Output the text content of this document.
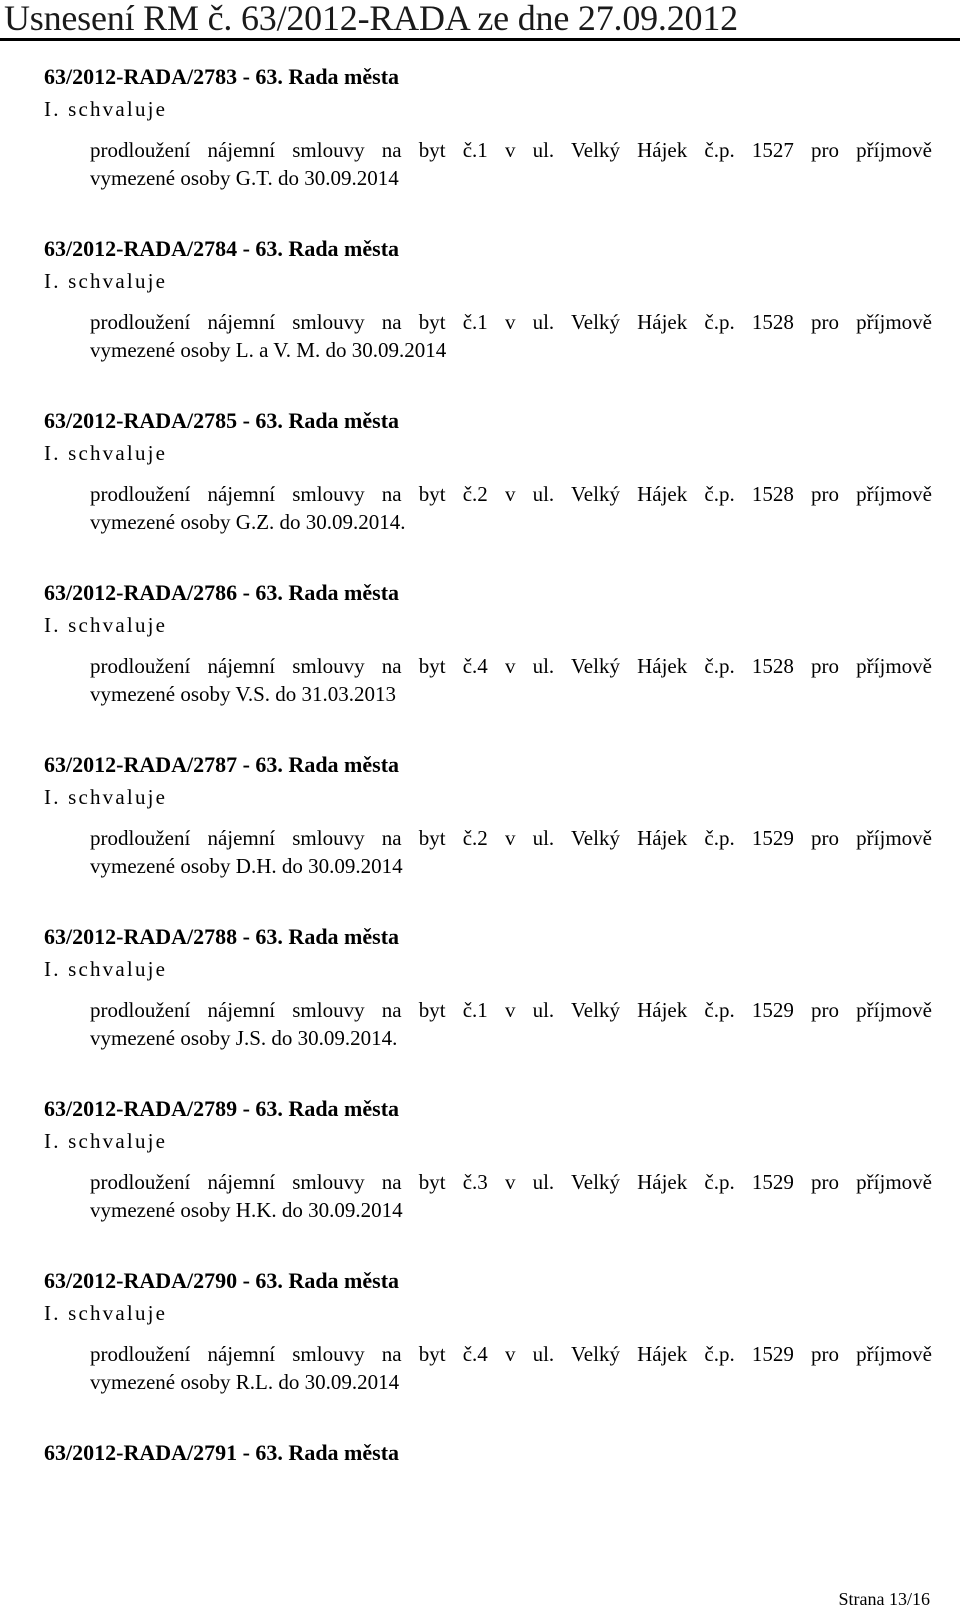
Usnesení RM č. 63/2012-RADA ze dne 27.09.2012
63/2012-RADA/2783 - 63. Rada města
I. schvaluje
prodloužení nájemní smlouvy na byt č.1 v ul. Velký Hájek č.p. 1527 pro příjmově
vymezené osoby G.T. do 30.09.2014
63/2012-RADA/2784 - 63. Rada města
I. schvaluje
prodloužení nájemní smlouvy na byt č.1 v ul. Velký Hájek č.p. 1528 pro příjmově
vymezené osoby L. a V. M. do 30.09.2014
63/2012-RADA/2785 - 63. Rada města
I. schvaluje
prodloužení nájemní smlouvy na byt č.2 v ul. Velký Hájek č.p. 1528 pro příjmově
vymezené osoby G.Z. do 30.09.2014.
63/2012-RADA/2786 - 63. Rada města
I. schvaluje
prodloužení nájemní smlouvy na byt č.4 v ul. Velký Hájek č.p. 1528 pro příjmově
vymezené osoby V.S. do 31.03.2013
63/2012-RADA/2787 - 63. Rada města
I. schvaluje
prodloužení nájemní smlouvy na byt č.2 v ul. Velký Hájek č.p. 1529 pro příjmově
vymezené osoby D.H. do 30.09.2014
63/2012-RADA/2788 - 63. Rada města
I. schvaluje
prodloužení nájemní smlouvy na byt č.1 v ul. Velký Hájek č.p. 1529 pro příjmově
vymezené osoby J.S. do 30.09.2014.
63/2012-RADA/2789 - 63. Rada města
I. schvaluje
prodloužení nájemní smlouvy na byt č.3 v ul. Velký Hájek č.p. 1529 pro příjmově
vymezené osoby H.K. do 30.09.2014
63/2012-RADA/2790 - 63. Rada města
I. schvaluje
prodloužení nájemní smlouvy na byt č.4 v ul. Velký Hájek č.p. 1529 pro příjmově
vymezené osoby R.L. do 30.09.2014
63/2012-RADA/2791 - 63. Rada města
Strana 13/16
